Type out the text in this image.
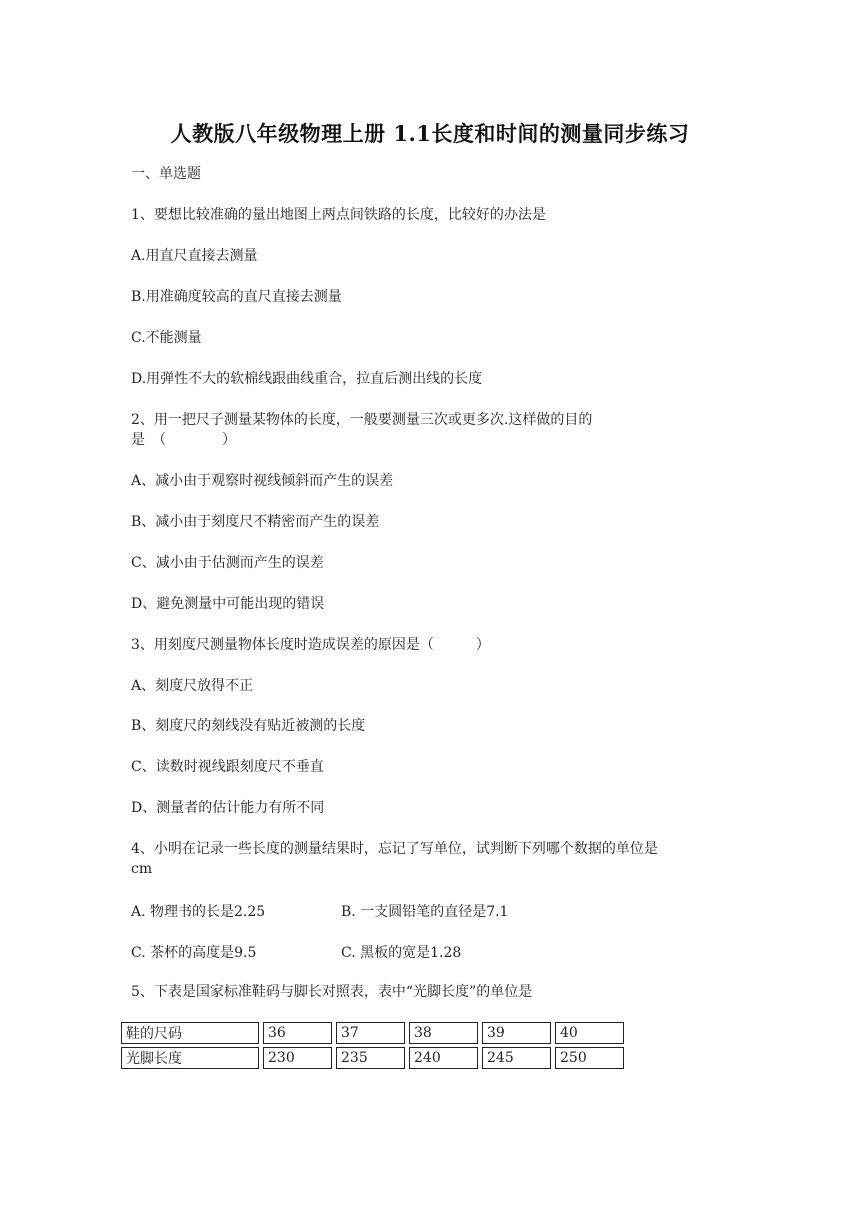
人教版八年级物理上册 1.1长度和时间的测量同步练习
一、单选题
1、要想比较准确的量出地图上两点间铁路的长度，比较好的办法是
A.用直尺直接去测量
B.用准确度较高的直尺直接去测量
C.不能测量
D.用弹性不大的软棉线跟曲线重合，拉直后测出线的长度
2、用一把尺子测量某物体的长度，一般要测量三次或更多次.这样做的目的
是　（　　　　）
A、减小由于观察时视线倾斜而产生的误差
B、减小由于刻度尺不精密而产生的误差
C、减小由于估测而产生的误差
D、避免测量中可能出现的错误
3、用刻度尺测量物体长度时造成误差的原因是（　　　）
A、刻度尺放得不正
B、刻度尺的刻线没有贴近被测的长度
C、读数时视线跟刻度尺不垂直
D、测量者的估计能力有所不同
4、小明在记录一些长度的测量结果时，忘记了写单位，试判断下列哪个数据的单位是
cm
A. 物理书的长是2.25	B. 一支圆铅笔的直径是7.1
C. 茶杯的高度是9.5	C. 黑板的宽是1.28
5、下表是国家标准鞋码与脚长对照表，表中“光脚长度”的单位是
鞋的尺码		36		37		38		39		40

光脚长度		230		235		240		245		250
